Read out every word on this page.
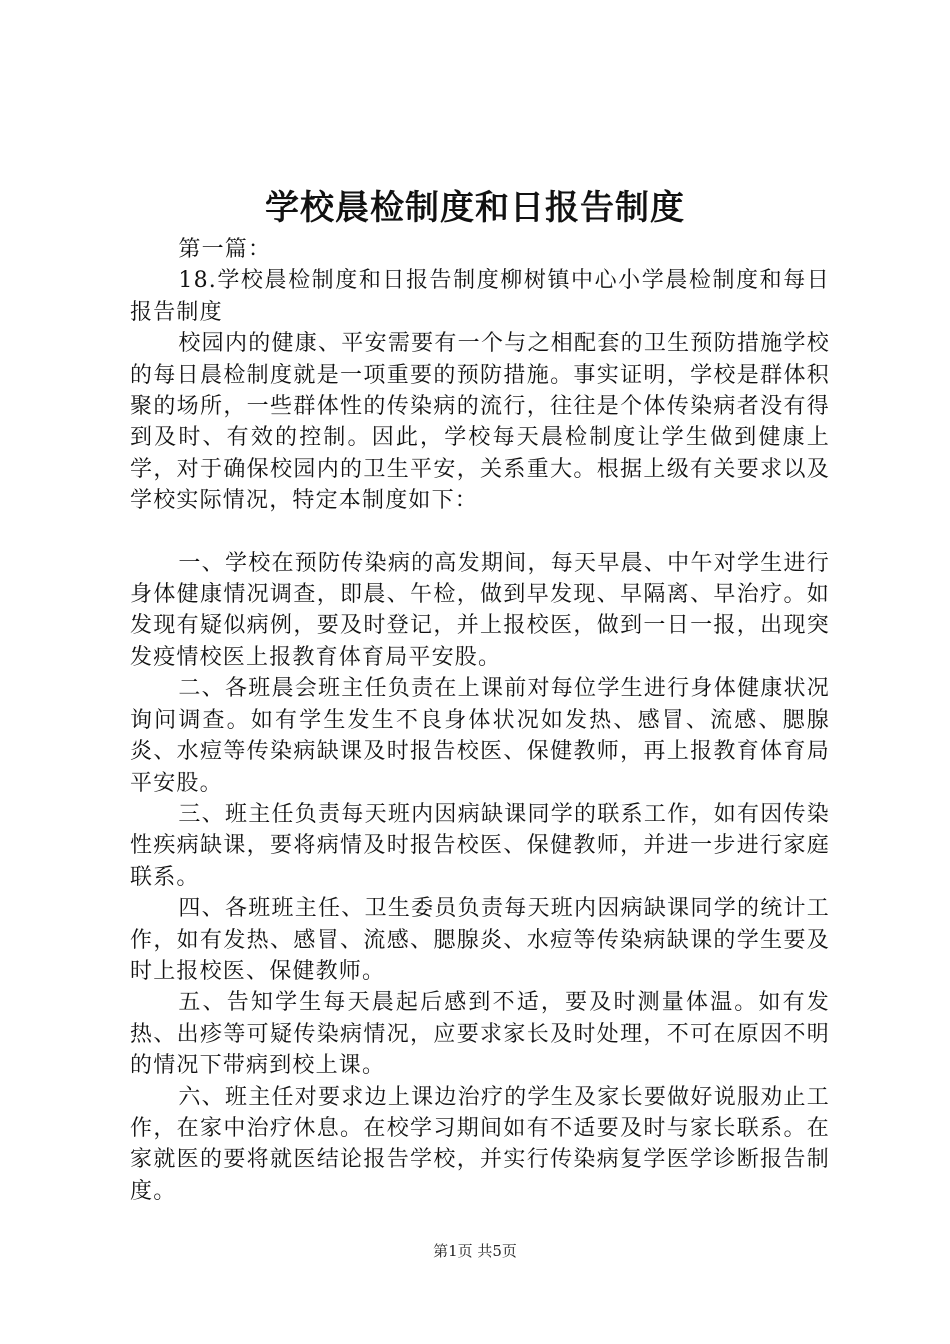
学校晨检制度和日报告制度

第一篇：

18.学校晨检制度和日报告制度柳树镇中心小学晨检制度和每日报告制度

校园内的健康、平安需要有一个与之相配套的卫生预防措施学校的每日晨检制度就是一项重要的预防措施。事实证明，学校是群体积聚的场所，一些群体性的传染病的流行，往往是个体传染病者没有得到及时、有效的控制。因此，学校每天晨检制度让学生做到健康上学，对于确保校园内的卫生平安，关系重大。根据上级有关要求以及学校实际情况，特定本制度如下：

一、学校在预防传染病的高发期间，每天早晨、中午对学生进行身体健康情况调查，即晨、午检，做到早发现、早隔离、早治疗。如发现有疑似病例，要及时登记，并上报校医，做到一日一报，出现突发疫情校医上报教育体育局平安股。

二、各班晨会班主任负责在上课前对每位学生进行身体健康状况询问调查。如有学生发生不良身体状况如发热、感冒、流感、腮腺炎、水痘等传染病缺课及时报告校医、保健教师，再上报教育体育局平安股。

三、班主任负责每天班内因病缺课同学的联系工作，如有因传染性疾病缺课，要将病情及时报告校医、保健教师，并进一步进行家庭联系。

四、各班班主任、卫生委员负责每天班内因病缺课同学的统计工作，如有发热、感冒、流感、腮腺炎、水痘等传染病缺课的学生要及时上报校医、保健教师。

五、告知学生每天晨起后感到不适，要及时测量体温。如有发热、出疹等可疑传染病情况，应要求家长及时处理，不可在原因不明的情况下带病到校上课。

六、班主任对要求边上课边治疗的学生及家长要做好说服劝止工作，在家中治疗休息。在校学习期间如有不适要及时与家长联系。在家就医的要将就医结论报告学校，并实行传染病复学医学诊断报告制度。

第1页 共5页
